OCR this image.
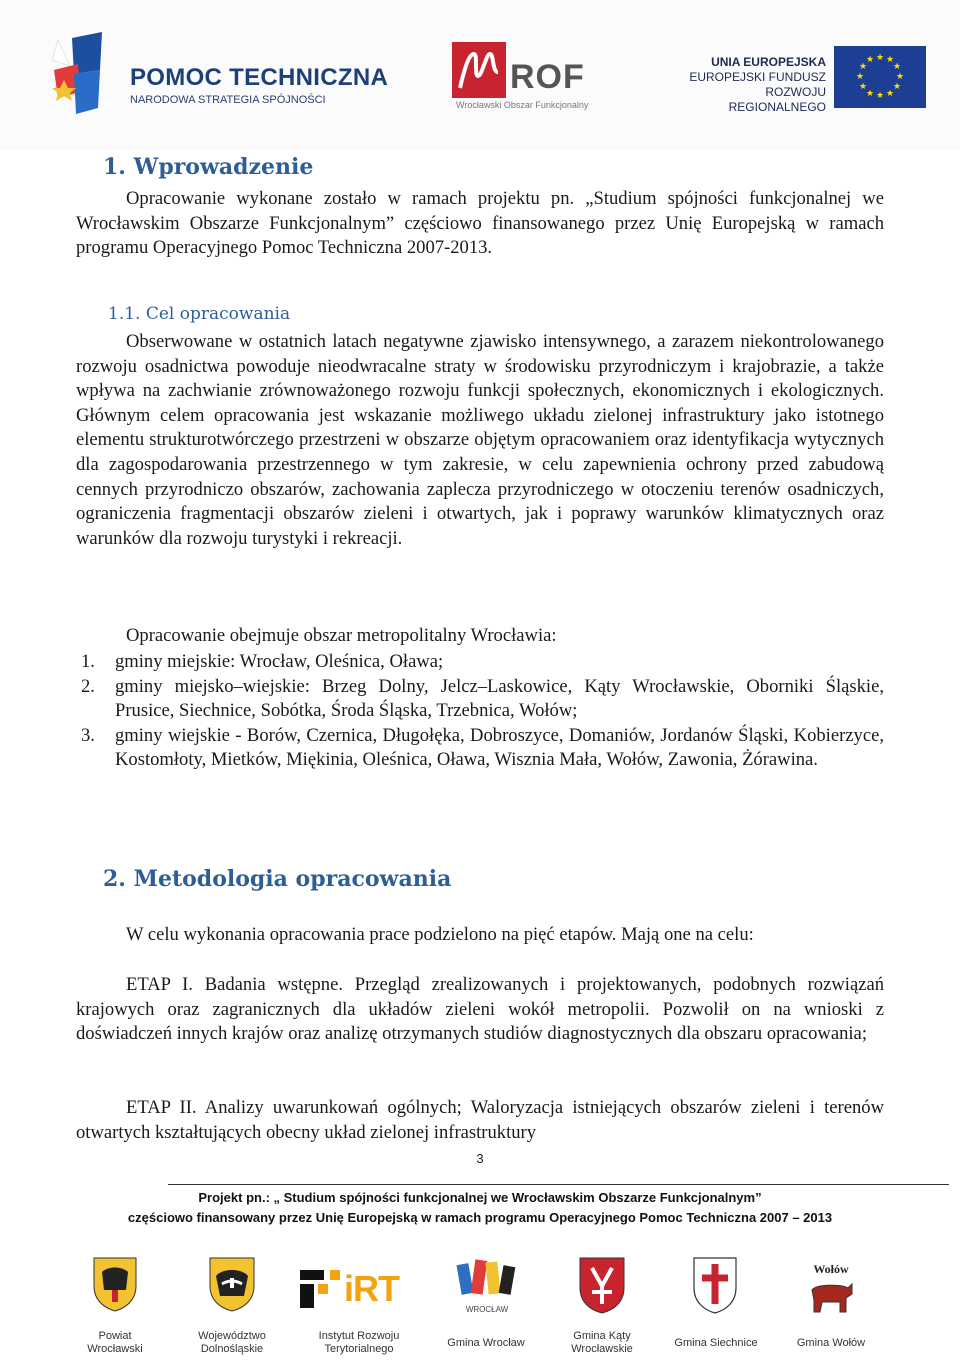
POMOC TECHNICZNA
NARODOWA STRATEGIA SPÓJNOŚCI
ROF
Wrocławski Obszar Funkcjonalny
UNIA EUROPEJSKA
EUROPEJSKI FUNDUSZ
ROZWOJU REGIONALNEGO
★ ★
★
★
★
★
★
★
★
★
★
★
1. Wprowadzenie
Opracowanie wykonane zostało w ramach projektu pn. „Studium spójności funkcjonalnej we Wrocławskim Obszarze Funkcjonalnym” częściowo finansowanego przez Unię Europejską w ramach programu Operacyjnego Pomoc Techniczna 2007-2013.
1.1. Cel opracowania
Obserwowane w ostatnich latach negatywne zjawisko intensywnego, a zarazem niekontrolowanego rozwoju osadnictwa powoduje nieodwracalne straty w środowisku przyrodniczym i krajobrazie, a także wpływa na zachwianie zrównoważonego rozwoju funkcji społecznych, ekonomicznych i ekologicznych. Głównym celem opracowania jest wskazanie możliwego układu zielonej infrastruktury jako istotnego elementu strukturotwórczego przestrzeni w obszarze objętym opracowaniem oraz identyfikacja wytycznych dla zagospodarowania przestrzennego w tym zakresie, w celu zapewnienia ochrony przed zabudową cennych przyrodniczo obszarów, zachowania zaplecza przyrodniczego w otoczeniu terenów osadniczych, ograniczenia fragmentacji obszarów zieleni i otwartych, jak i poprawy warunków klimatycznych oraz warunków dla rozwoju turystyki i rekreacji.
Opracowanie obejmuje obszar metropolitalny Wrocławia:
1. gminy miejskie: Wrocław, Oleśnica, Oława;
2. gminy miejsko–wiejskie: Brzeg Dolny, Jelcz–Laskowice, Kąty Wrocławskie, Oborniki Śląskie, Prusice, Siechnice, Sobótka, Środa Śląska, Trzebnica, Wołów;
3. gminy wiejskie - Borów, Czernica, Długołęka, Dobroszyce, Domaniów, Jordanów Śląski, Kobierzyce, Kostomłoty, Mietków, Miękinia, Oleśnica, Oława, Wisznia Mała, Wołów, Zawonia, Żórawina.
2. Metodologia opracowania
W celu wykonania opracowania prace podzielono na pięć etapów. Mają one na celu:
ETAP I. Badania wstępne. Przegląd zrealizowanych i projektowanych, podobnych rozwiązań krajowych oraz zagranicznych dla układów zieleni wokół metropolii. Pozwolił on na wnioski z doświadczeń innych krajów oraz analizę otrzymanych studiów diagnostycznych dla obszaru opracowania;
ETAP II. Analizy uwarunkowań ogólnych; Waloryzacja istniejących obszarów zieleni i terenów otwartych kształtujących obecny układ zielonej infrastruktury
3
Projekt pn.: „ Studium spójności funkcjonalnej we Wrocławskim Obszarze Funkcjonalnym”
częściowo finansowany przez Unię Europejską w ramach programu Operacyjnego Pomoc Techniczna 2007 – 2013
iRT
WROCŁAW
Wołów
Powiat
Wrocławski
Województwo
Dolnośląskie
Instytut Rozwoju
Terytorialnego	Gmina Wrocław
Gmina Kąty
Wrocławskie	Gmina Siechnice	Gmina Wołów
